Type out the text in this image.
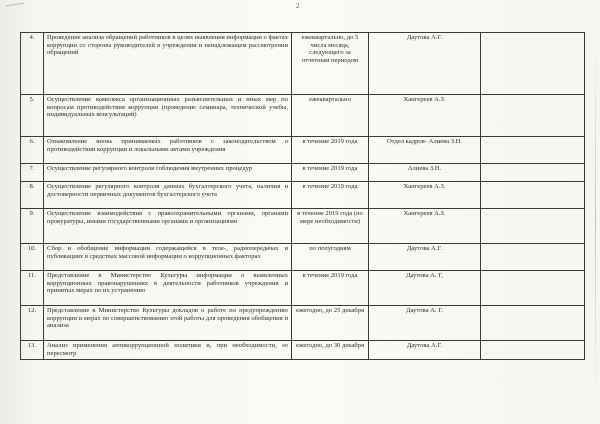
2
4.	Проведение анализа обращений работников в целях выявления информации о фактах коррупции со стороны руководителей в учреждения и ненадлежащем рассмотрении обращений	ежеквартально, до 5 числа месяца, следующего за отчетным периодом	Даутова А.Г.	
5.	Осуществление комплекса организационных разъяснительных и иных мер по вопросам противодействия коррупции (проведение семинара, технической учебы, индивидуальных консультаций)	ежеквартально	Хангереев А.З.	
6.	Ознакомление вновь принимаемых работников с законодательством о противодействии коррупции и локальными актами учреждения	в течение 2019 года	Отдел кадров- Алиева З.Н.	
7.	Осуществление регулярного контроля соблюдения внутренних процедур	в течение 2019 года	Алиева З.Н.	
8.	Осуществление регулярного контроля данных бухгалтерского учета, наличия и достоверности первичных документов бухгалтерского учета	в течение 2019 года	Хангереев А.З.	
9.	Осуществление взаимодействия с правоохранительными органами, органами прокуратуры, иными государственными органами и организациями	в течение 2019 года (по мере необходимости)	Хангереев А.З.	
10.	Сбор и обобщение информации содержащейся в теле-, радиопередачах и публикациях в средствах массовой информации о коррупционных факторах	по полугодиям	Даутова А.Г.	
11.	Представление в Министерство Культуры информации о выявленных коррупционных правонарушениях в деятельности работников учреждения и принятых мерах по их устранению	в течение 2019 года	Даутова А. Г,	
12.	Представление в Министерство Культуры докладов о работе по предупреждению коррупции и мерах по совершенствованию этой работы для проведения обобщения и анализа	ежегодно, до 25 декабря	Даутова А. Г.	
13.	Анализ применения антикоррупционной политики и, при необходимости, ее пересмотр	ежегодно, до 30 декабря	Даутова А.Г.	
